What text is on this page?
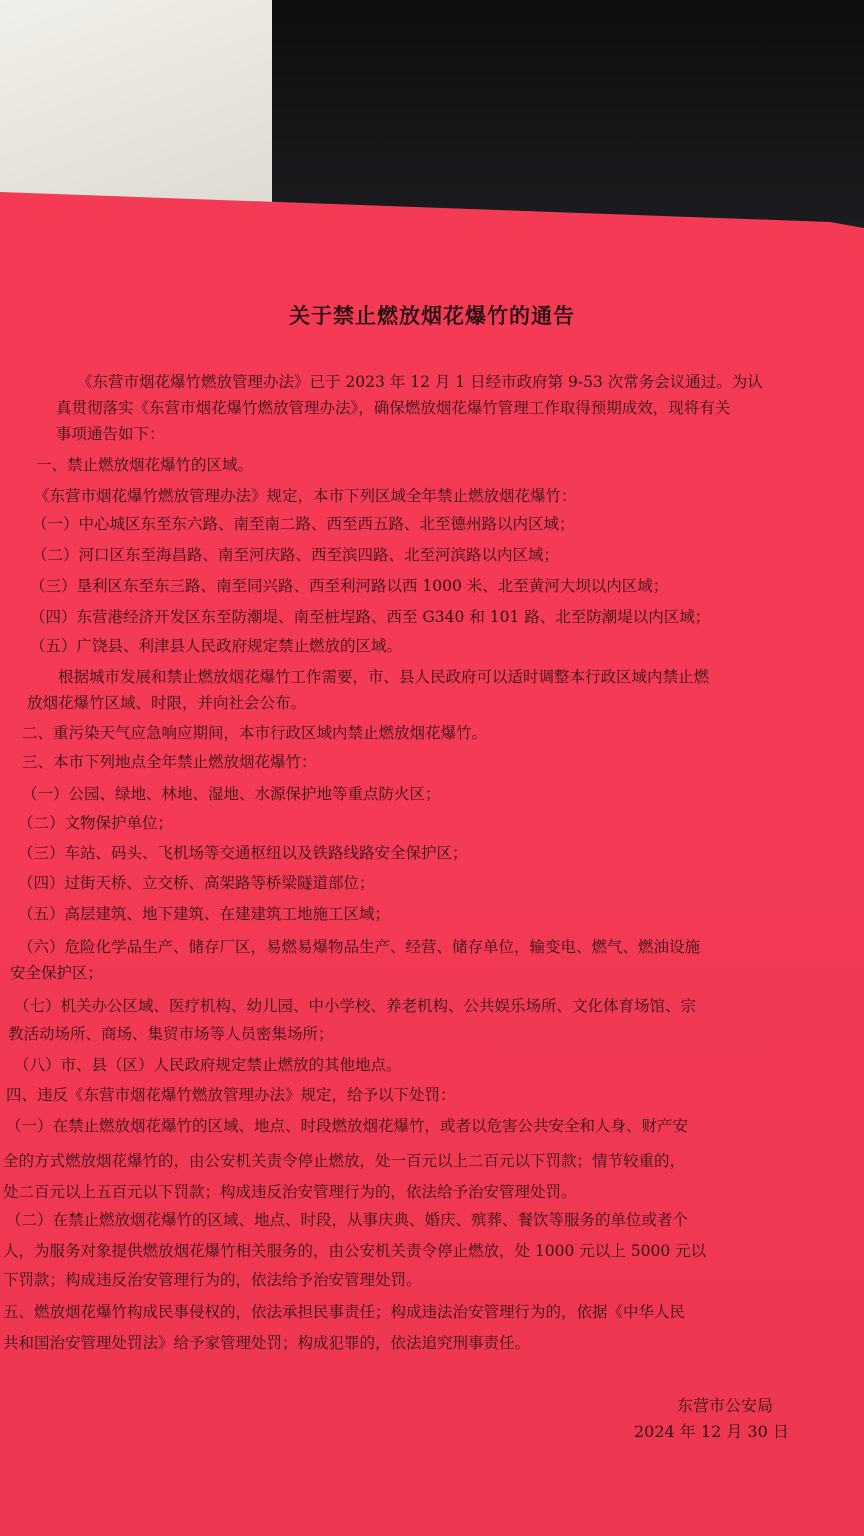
关于禁止燃放烟花爆竹的通告
《东营市烟花爆竹燃放管理办法》已于 2023 年 12 月 1 日经市政府第 9-53 次常务会议通过。为认
真贯彻落实《东营市烟花爆竹燃放管理办法》，确保燃放烟花爆竹管理工作取得预期成效，现将有关
事项通告如下：
一、禁止燃放烟花爆竹的区域。
《东营市烟花爆竹燃放管理办法》规定，本市下列区域全年禁止燃放烟花爆竹：
（一）中心城区东至东六路、南至南二路、西至西五路、北至德州路以内区域；
（二）河口区东至海昌路、南至河庆路、西至滨四路、北至河滨路以内区域；
（三）垦利区东至东三路、南至同兴路、西至利河路以西 1000 米、北至黄河大坝以内区域；
（四）东营港经济开发区东至防潮堤、南至桩埕路、西至 G340 和 101 路、北至防潮堤以内区域；
（五）广饶县、利津县人民政府规定禁止燃放的区域。
根据城市发展和禁止燃放烟花爆竹工作需要，市、县人民政府可以适时调整本行政区域内禁止燃
放烟花爆竹区域、时限，并向社会公布。
二、重污染天气应急响应期间，本市行政区域内禁止燃放烟花爆竹。
三、本市下列地点全年禁止燃放烟花爆竹：
（一）公园、绿地、林地、湿地、水源保护地等重点防火区；
（二）文物保护单位；
（三）车站、码头、飞机场等交通枢纽以及铁路线路安全保护区；
（四）过街天桥、立交桥、高架路等桥梁隧道部位；
（五）高层建筑、地下建筑、在建建筑工地施工区域；
（六）危险化学品生产、储存厂区，易燃易爆物品生产、经营、储存单位，输变电、燃气、燃油设施
安全保护区；
（七）机关办公区域、医疗机构、幼儿园、中小学校、养老机构、公共娱乐场所、文化体育场馆、宗
教活动场所、商场、集贸市场等人员密集场所；
（八）市、县（区）人民政府规定禁止燃放的其他地点。
四、违反《东营市烟花爆竹燃放管理办法》规定，给予以下处罚：
（一）在禁止燃放烟花爆竹的区域、地点、时段燃放烟花爆竹，或者以危害公共安全和人身、财产安
全的方式燃放烟花爆竹的，由公安机关责令停止燃放，处一百元以上二百元以下罚款；情节较重的，
处二百元以上五百元以下罚款；构成违反治安管理行为的，依法给予治安管理处罚。
（二）在禁止燃放烟花爆竹的区域、地点、时段，从事庆典、婚庆、殡葬、餐饮等服务的单位或者个
人，为服务对象提供燃放烟花爆竹相关服务的，由公安机关责令停止燃放，处 1000 元以上 5000 元以
下罚款；构成违反治安管理行为的，依法给予治安管理处罚。
五、燃放烟花爆竹构成民事侵权的，依法承担民事责任；构成违法治安管理行为的，依据《中华人民
共和国治安管理处罚法》给予家管理处罚；构成犯罪的，依法追究刑事责任。
东营市公安局
2024 年 12 月 30 日
